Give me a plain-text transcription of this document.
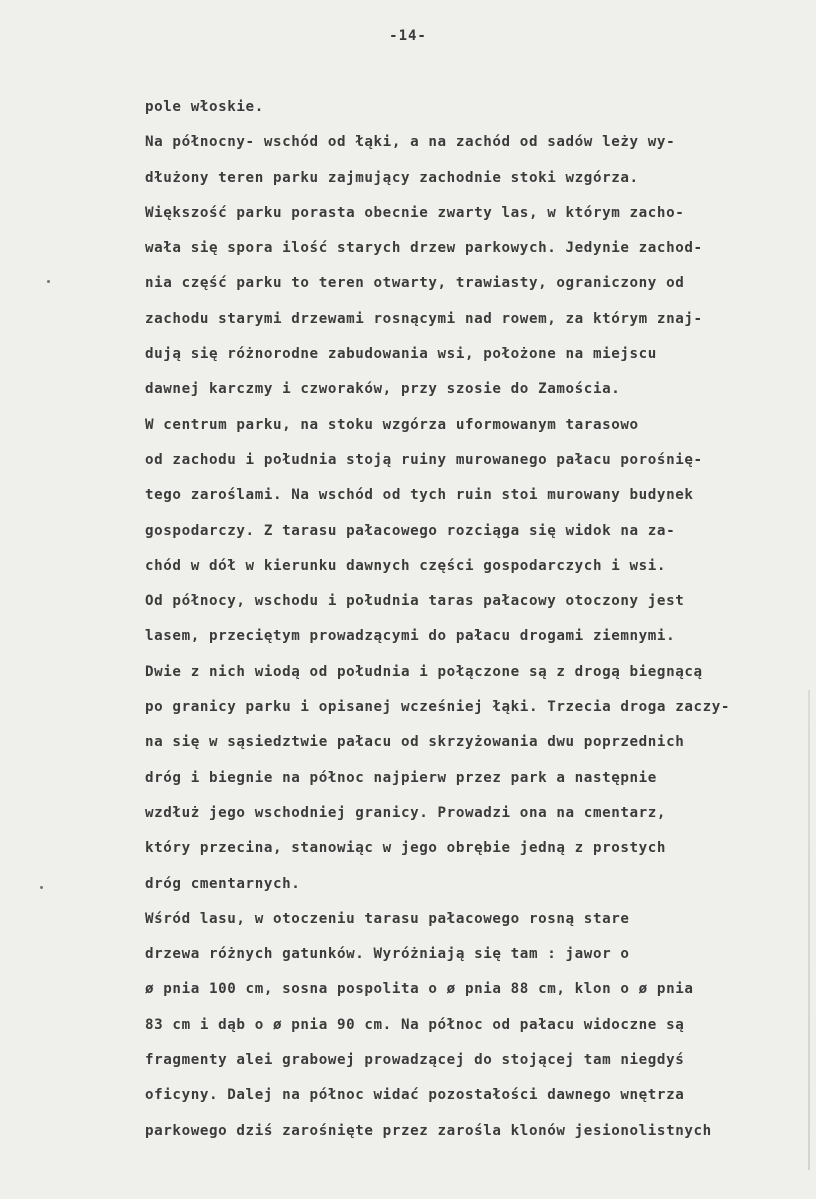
-14-
pole włoskie.
Na północny- wschód od łąki, a na zachód od sadów leży wy-
dłużony teren parku zajmujący zachodnie stoki wzgórza.
Większość parku porasta obecnie zwarty las, w którym zacho-
wała się spora ilość starych drzew parkowych. Jedynie zachod-
nia część parku to teren otwarty, trawiasty, ograniczony od
zachodu starymi drzewami rosnącymi nad rowem, za którym znaj-
dują się różnorodne zabudowania wsi, położone na miejscu
dawnej karczmy i czworaków, przy szosie do Zamościa.
W centrum parku, na stoku wzgórza uformowanym tarasowo
od zachodu i południa stoją ruiny murowanego pałacu porośnię-
tego zaroślami. Na wschód od tych ruin stoi murowany budynek
gospodarczy. Z tarasu pałacowego rozciąga się widok na za-
chód w dół w kierunku dawnych części gospodarczych i wsi.
Od północy, wschodu i południa taras pałacowy otoczony jest
lasem, przeciętym prowadzącymi do pałacu drogami ziemnymi.
Dwie z nich wiodą od południa i połączone są z drogą biegnącą
po granicy parku i opisanej wcześniej łąki. Trzecia droga zaczy-
na się w sąsiedztwie pałacu od skrzyżowania dwu poprzednich
dróg i biegnie na północ najpierw przez park a następnie
wzdłuż jego wschodniej granicy. Prowadzi ona na cmentarz,
który przecina, stanowiąc w jego obrębie jedną z prostych
dróg cmentarnych.
Wśród lasu, w otoczeniu tarasu pałacowego rosną stare
drzewa różnych gatunków. Wyróżniają się tam : jawor o
ø pnia 100 cm, sosna pospolita o ø pnia 88 cm, klon o ø pnia
83 cm i dąb o ø pnia 90 cm. Na północ od pałacu widoczne są
fragmenty alei grabowej prowadzącej do stojącej tam niegdyś
oficyny. Dalej na północ widać pozostałości dawnego wnętrza
parkowego dziś zarośnięte przez zarośla klonów jesionolistnych
